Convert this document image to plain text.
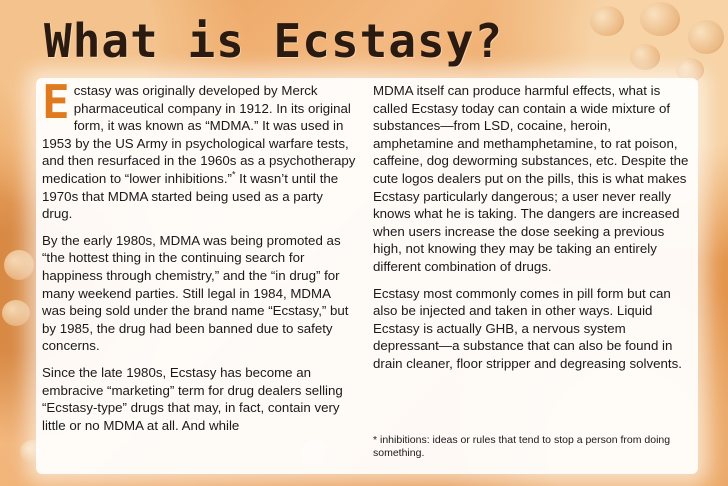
What is Ecstasy?

Ecstasy was originally developed by Merck pharmaceutical company in 1912. In its original form, it was known as “MDMA.” It was used in 1953 by the US Army in psychological warfare tests, and then resurfaced in the 1960s as a psychotherapy medication to “lower inhibitions.”* It wasn’t until the 1970s that MDMA started being used as a party drug.

By the early 1980s, MDMA was being promoted as “the hottest thing in the continuing search for happiness through chemistry,” and the “in drug” for many weekend parties. Still legal in 1984, MDMA was being sold under the brand name “Ecstasy,” but by 1985, the drug had been banned due to safety concerns.

Since the late 1980s, Ecstasy has become an embracive “marketing” term for drug dealers selling “Ecstasy-type” drugs that may, in fact, contain very little or no MDMA at all. And while

MDMA itself can produce harmful effects, what is called Ecstasy today can contain a wide mixture of substances—from LSD, cocaine, heroin, amphetamine and methamphetamine, to rat poison, caffeine, dog deworming substances, etc. Despite the cute logos dealers put on the pills, this is what makes Ecstasy particularly dangerous; a user never really knows what he is taking. The dangers are increased when users increase the dose seeking a previous high, not knowing they may be taking an entirely different combination of drugs.

Ecstasy most commonly comes in pill form but can also be injected and taken in other ways. Liquid Ecstasy is actually GHB, a nervous system depressant—a substance that can also be found in drain cleaner, floor stripper and degreasing solvents.

* inhibitions: ideas or rules that tend to stop a person from doing something.
